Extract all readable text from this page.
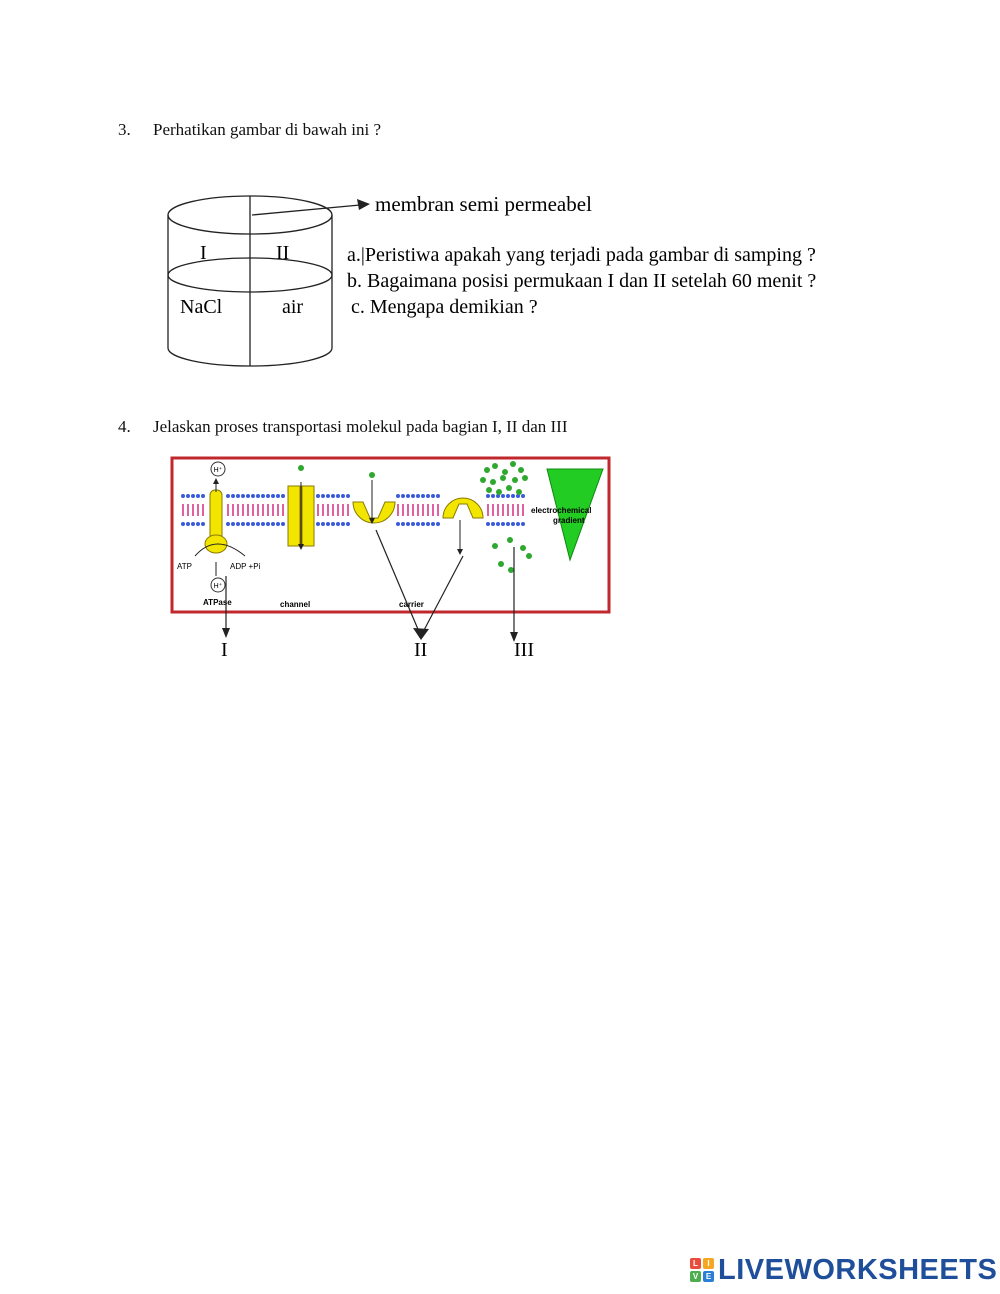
3. Perhatikan gambar di bawah ini ?
I	II
NaCl	air
membran semi permeabel
a.|Peristiwa apakah yang terjadi pada gambar di samping ?
b. Bagaimana posisi permukaan I dan II setelah 60 menit ?
c. Mengapa demikian ?
4. Jelaskan proses transportasi molekul pada bagian I, II dan III
H⁺
H⁺
ATP	ADP +Pi
ATPase	channel	carrier
electrochemical
gradient
I	II	III
L	I
V E LIVEWORKSHEETS
